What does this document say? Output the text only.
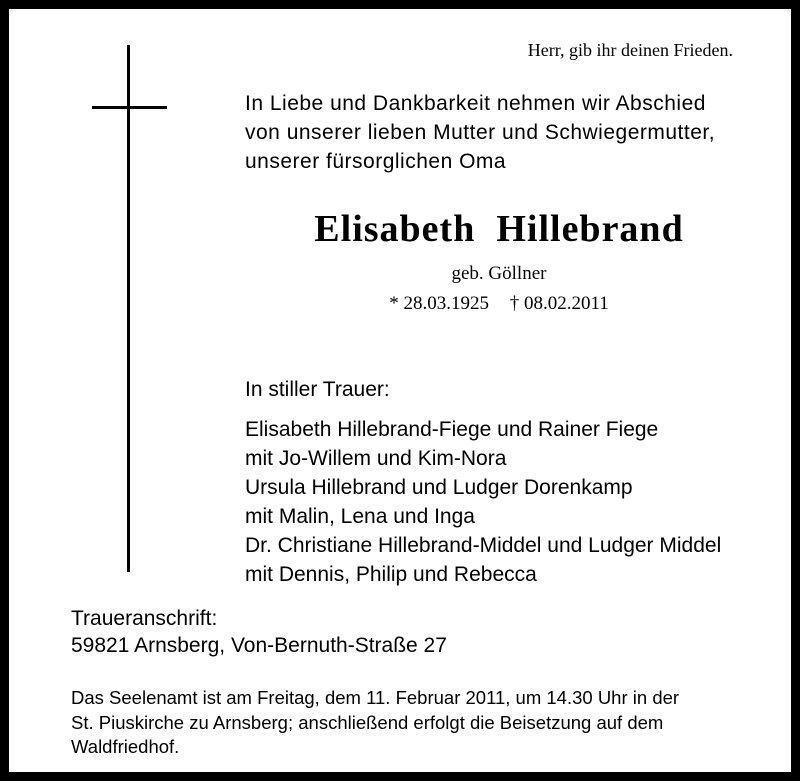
Herr, gib ihr deinen Frieden.
In Liebe und Dankbarkeit nehmen wir Abschied
von unserer lieben Mutter und Schwiegermutter,
unserer fürsorglichen Oma
Elisabeth  Hillebrand
geb. Göllner
* 28.03.1925 † 08.02.2011
In stiller Trauer:
Elisabeth Hillebrand-Fiege und Rainer Fiege
mit Jo-Willem und Kim-Nora
Ursula Hillebrand und Ludger Dorenkamp
mit Malin, Lena und Inga
Dr. Christiane Hillebrand-Middel und Ludger Middel
mit Dennis, Philip und Rebecca
Traueranschrift:
59821 Arnsberg, Von-Bernuth-Straße 27
Das Seelenamt ist am Freitag, dem 11. Februar 2011, um 14.30 Uhr in der
St. Piuskirche zu Arnsberg; anschließend erfolgt die Beisetzung auf dem
Waldfriedhof.
